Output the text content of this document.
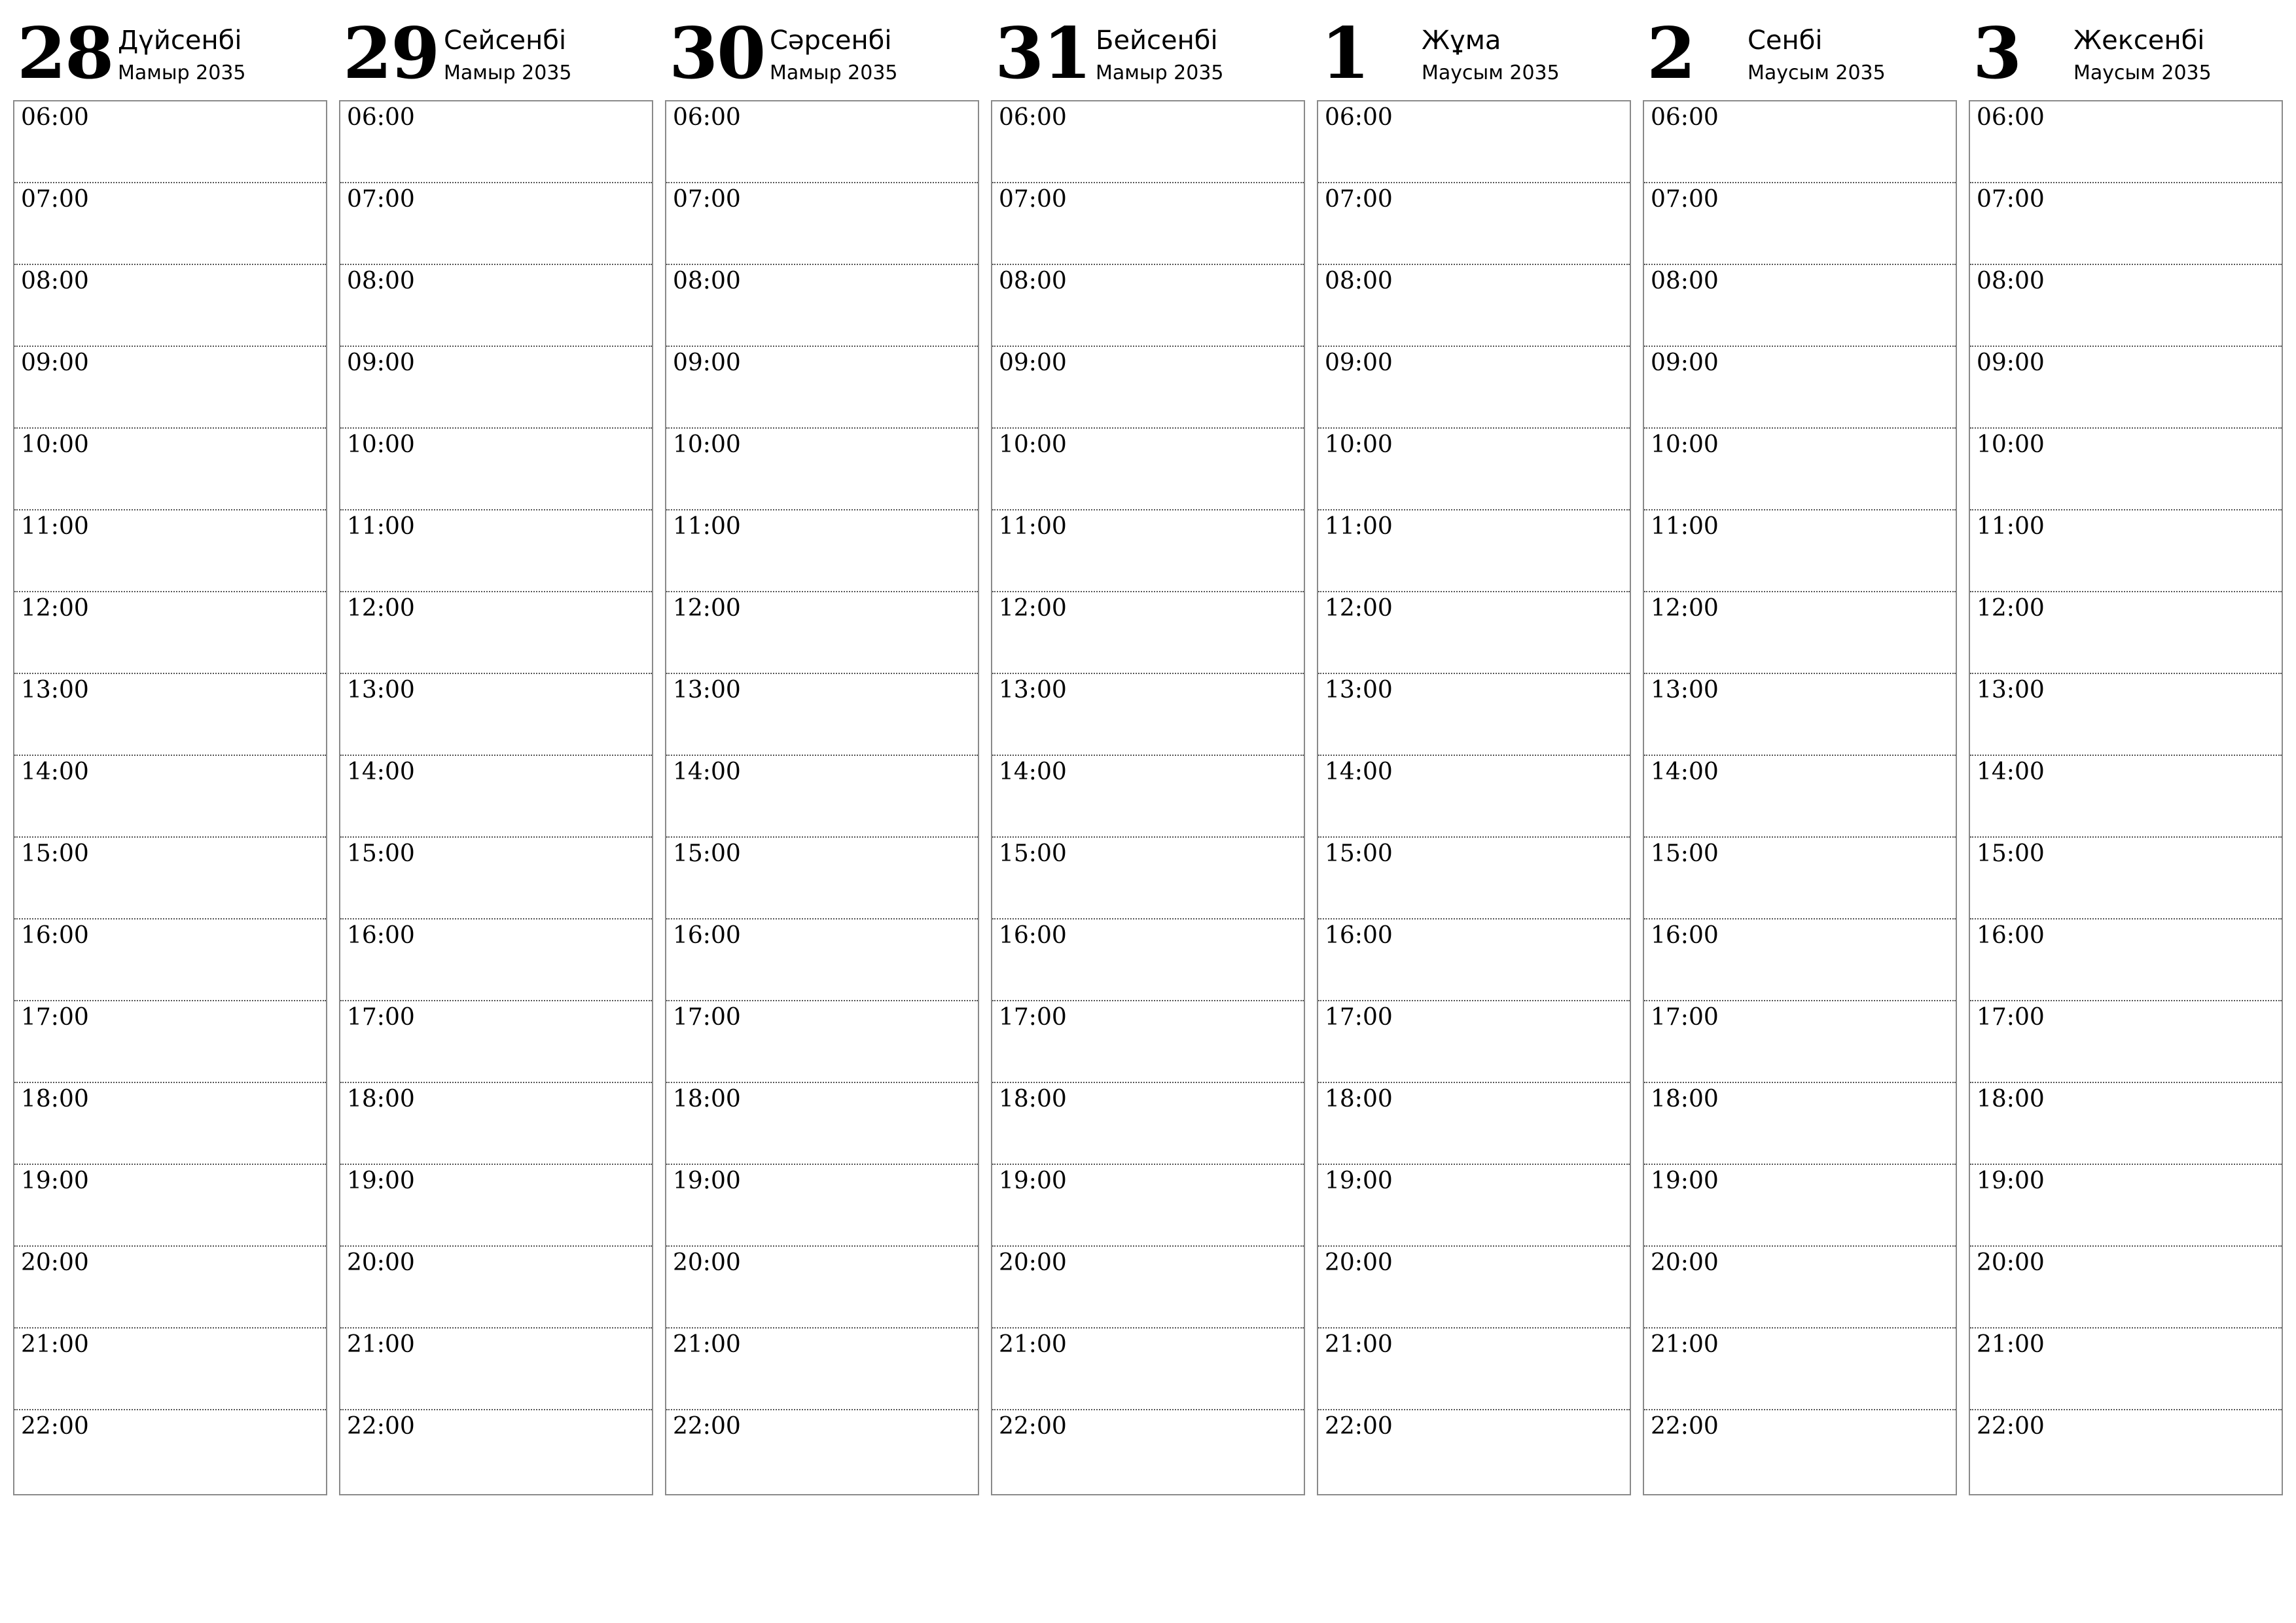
28 Дүйсенбі
Мамыр 2035
06:00
07:00
08:00
09:00
10:00
11:00
12:00
13:00
14:00
15:00
16:00
17:00
18:00
19:00
20:00
21:00
22:00
29 Сейсенбі
Мамыр 2035
06:00
07:00
08:00
09:00
10:00
11:00
12:00
13:00
14:00
15:00
16:00
17:00
18:00
19:00
20:00
21:00
22:00
30 Сәрсенбі
Мамыр 2035
06:00
07:00
08:00
09:00
10:00
11:00
12:00
13:00
14:00
15:00
16:00
17:00
18:00
19:00
20:00
21:00
22:00
31 Бейсенбі
Мамыр 2035
06:00
07:00
08:00
09:00
10:00
11:00
12:00
13:00
14:00
15:00
16:00
17:00
18:00
19:00
20:00
21:00
22:00
1 Жұма
Маусым 2035
06:00
07:00
08:00
09:00
10:00
11:00
12:00
13:00
14:00
15:00
16:00
17:00
18:00
19:00
20:00
21:00
22:00
2 Сенбі
Маусым 2035
06:00
07:00
08:00
09:00
10:00
11:00
12:00
13:00
14:00
15:00
16:00
17:00
18:00
19:00
20:00
21:00
22:00
3 Жексенбі
Маусым 2035
06:00
07:00
08:00
09:00
10:00
11:00
12:00
13:00
14:00
15:00
16:00
17:00
18:00
19:00
20:00
21:00
22:00
